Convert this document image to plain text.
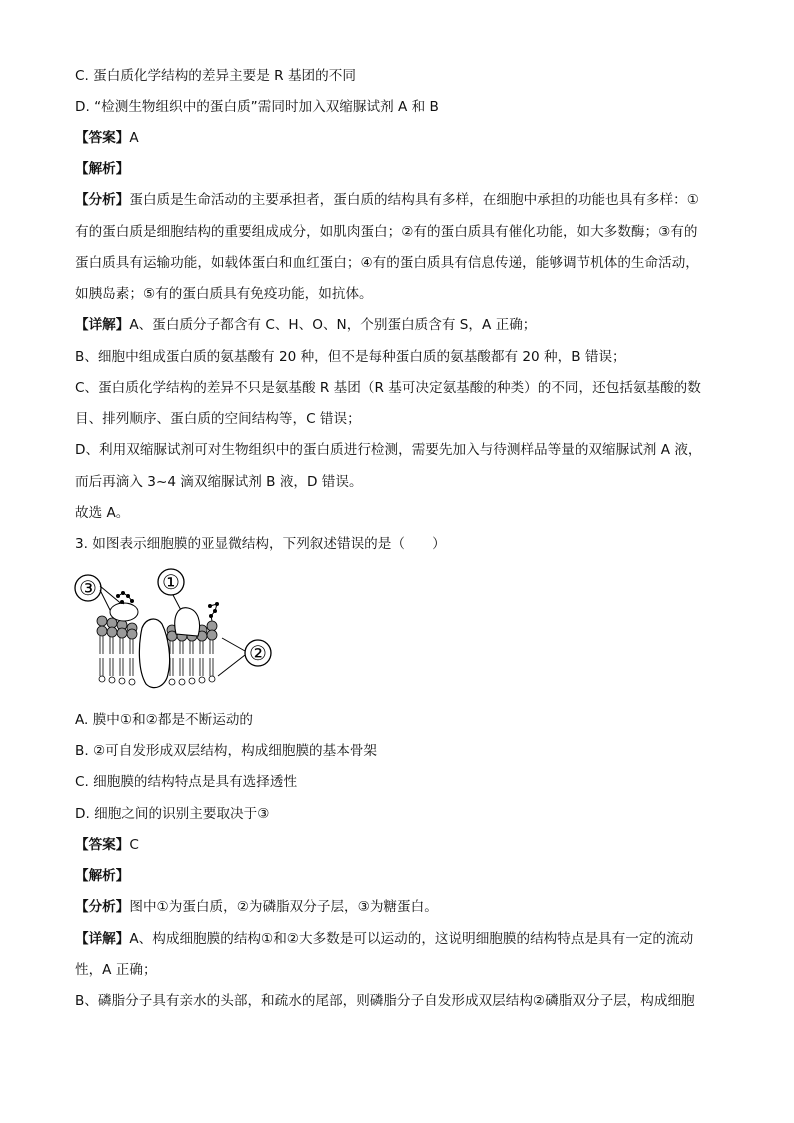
C. 蛋白质化学结构的差异主要是 R 基团的不同
D. “检测生物组织中的蛋白质”需同时加入双缩脲试剂 A 和 B
【答案】A
【解析】
【分析】蛋白质是生命活动的主要承担者，蛋白质的结构具有多样，在细胞中承担的功能也具有多样：①
有的蛋白质是细胞结构的重要组成成分，如肌肉蛋白；②有的蛋白质具有催化功能，如大多数酶；③有的
蛋白质具有运输功能，如载体蛋白和血红蛋白；④有的蛋白质具有信息传递，能够调节机体的生命活动，
如胰岛素；⑤有的蛋白质具有免疫功能，如抗体。
【详解】A、蛋白质分子都含有 C、H、O、N，个别蛋白质含有 S，A 正确；
B、细胞中组成蛋白质的氨基酸有 20 种，但不是每种蛋白质的氨基酸都有 20 种，B 错误；
C、蛋白质化学结构的差异不只是氨基酸 R 基团（R 基可决定氨基酸的种类）的不同，还包括氨基酸的数
目、排列顺序、蛋白质的空间结构等，C 错误；
D、利用双缩脲试剂可对生物组织中的蛋白质进行检测，需要先加入与待测样品等量的双缩脲试剂 A 液，
而后再滴入 3~4 滴双缩脲试剂 B 液，D 错误。
故选 A。
3. 如图表示细胞膜的亚显微结构，下列叙述错误的是（　　）
③	①
②
A. 膜中①和②都是不断运动的
B. ②可自发形成双层结构，构成细胞膜的基本骨架
C. 细胞膜的结构特点是具有选择透性
D. 细胞之间的识别主要取决于③
【答案】C
【解析】
【分析】图中①为蛋白质，②为磷脂双分子层，③为糖蛋白。
【详解】A、构成细胞膜的结构①和②大多数是可以运动的，这说明细胞膜的结构特点是具有一定的流动
性，A 正确；
B、磷脂分子具有亲水的头部，和疏水的尾部，则磷脂分子自发形成双层结构②磷脂双分子层，构成细胞
